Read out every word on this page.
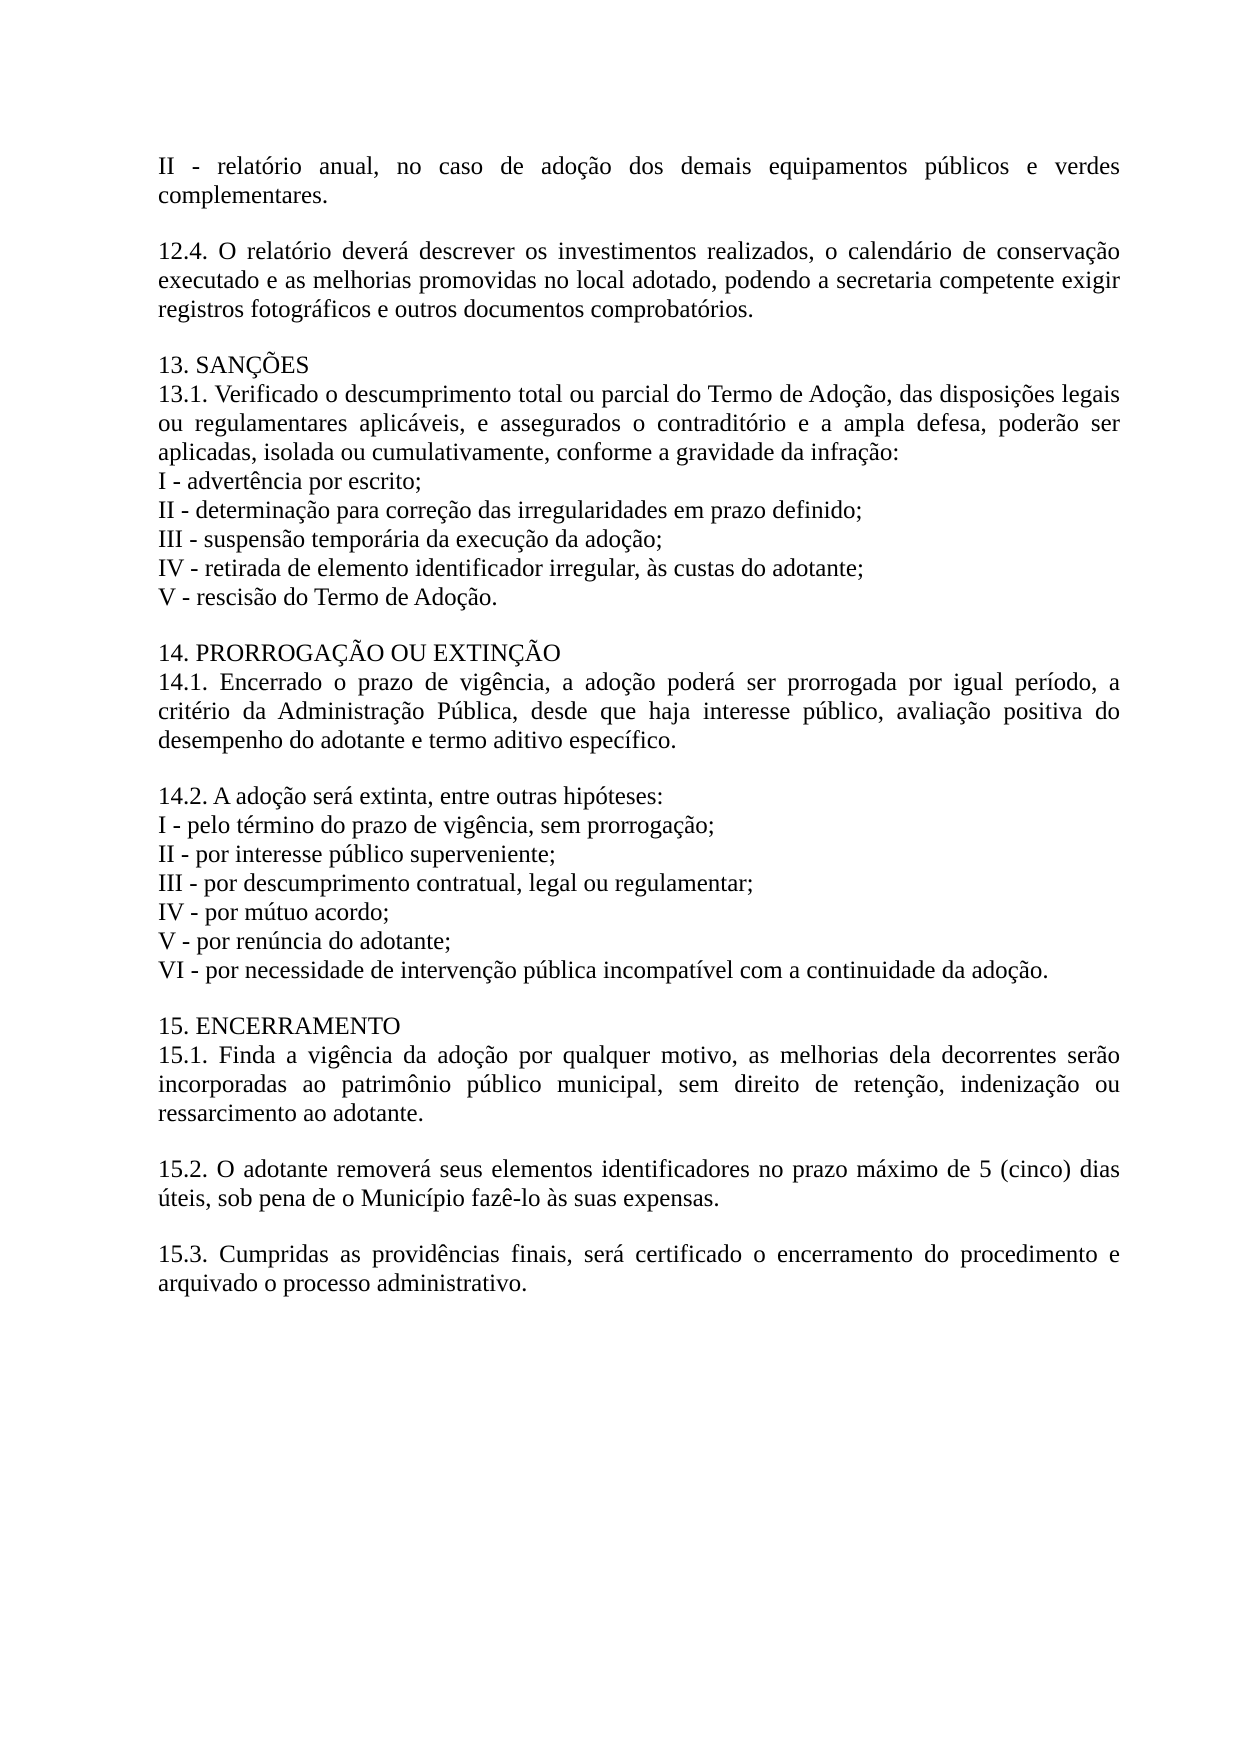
II - relatório anual, no caso de adoção dos demais equipamentos públicos e verdes complementares.

12.4. O relatório deverá descrever os investimentos realizados, o calendário de conservação executado e as melhorias promovidas no local adotado, podendo a secretaria competente exigir registros fotográficos e outros documentos comprobatórios.

13. SANÇÕES

13.1. Verificado o descumprimento total ou parcial do Termo de Adoção, das disposições legais ou regulamentares aplicáveis, e assegurados o contraditório e a ampla defesa, poderão ser aplicadas, isolada ou cumulativamente, conforme a gravidade da infração:

I - advertência por escrito;

II - determinação para correção das irregularidades em prazo definido;

III - suspensão temporária da execução da adoção;

IV - retirada de elemento identificador irregular, às custas do adotante;

V - rescisão do Termo de Adoção.

14. PRORROGAÇÃO OU EXTINÇÃO

14.1. Encerrado o prazo de vigência, a adoção poderá ser prorrogada por igual período, a critério da Administração Pública, desde que haja interesse público, avaliação positiva do desempenho do adotante e termo aditivo específico.

14.2. A adoção será extinta, entre outras hipóteses:

I - pelo término do prazo de vigência, sem prorrogação;

II - por interesse público superveniente;

III - por descumprimento contratual, legal ou regulamentar;

IV - por mútuo acordo;

V - por renúncia do adotante;

VI - por necessidade de intervenção pública incompatível com a continuidade da adoção.

15. ENCERRAMENTO

15.1. Finda a vigência da adoção por qualquer motivo, as melhorias dela decorrentes serão incorporadas ao patrimônio público municipal, sem direito de retenção, indenização ou ressarcimento ao adotante.

15.2. O adotante removerá seus elementos identificadores no prazo máximo de 5 (cinco) dias úteis, sob pena de o Município fazê-lo às suas expensas.

15.3. Cumpridas as providências finais, será certificado o encerramento do procedimento e arquivado o processo administrativo.
